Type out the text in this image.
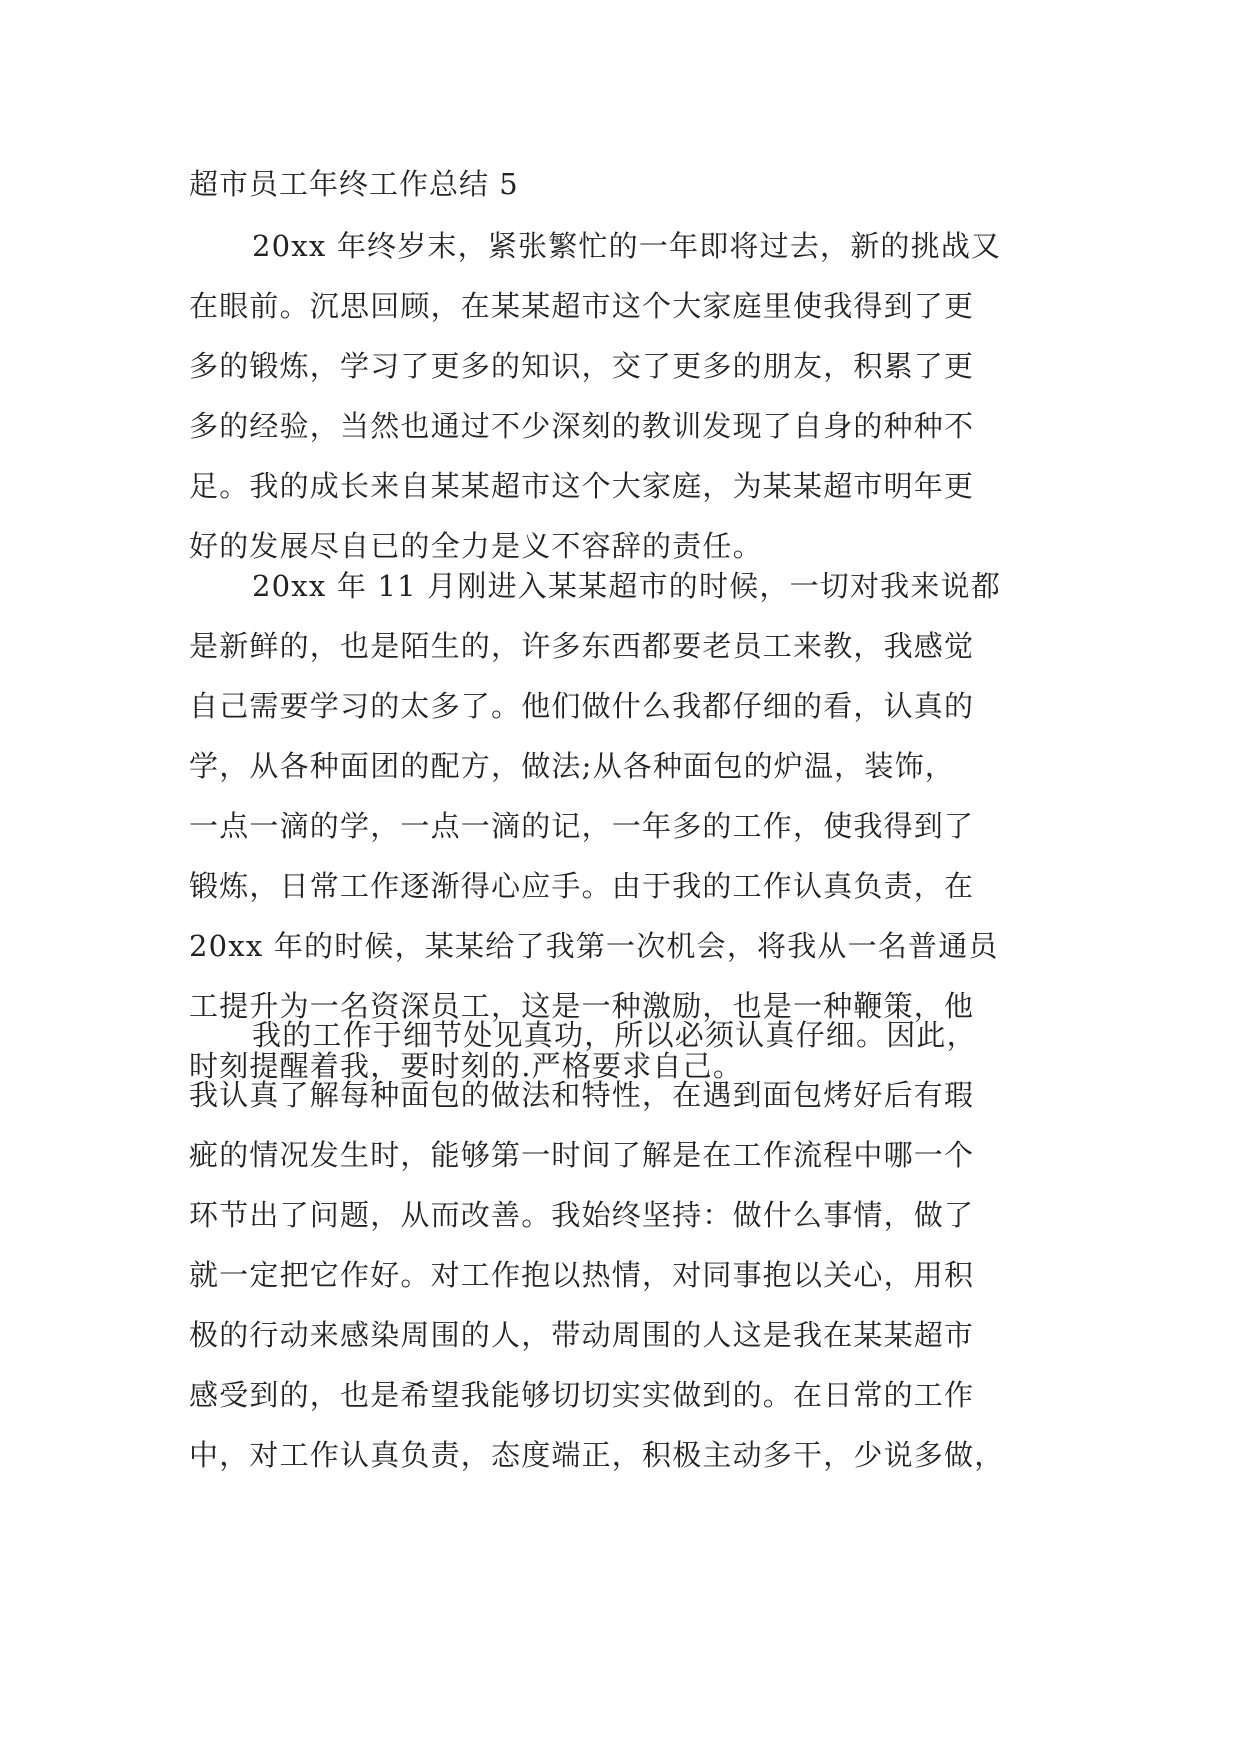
超市员工年终工作总结 5
20xx 年终岁末，紧张繁忙的一年即将过去，新的挑战又
在眼前。沉思回顾，在某某超市这个大家庭里使我得到了更
多的锻炼，学习了更多的知识，交了更多的朋友，积累了更
多的经验，当然也通过不少深刻的教训发现了自身的种种不
足。我的成长来自某某超市这个大家庭，为某某超市明年更
好的发展尽自已的全力是义不容辞的责任。
20xx 年 11 月刚进入某某超市的时候，一切对我来说都
是新鲜的，也是陌生的，许多东西都要老员工来教，我感觉
自己需要学习的太多了。他们做什么我都仔细的看，认真的
学，从各种面团的配方，做法;从各种面包的炉温，装饰，
一点一滴的学，一点一滴的记，一年多的工作，使我得到了
锻炼，日常工作逐渐得心应手。由于我的工作认真负责，在
20xx 年的时候，某某给了我第一次机会，将我从一名普通员
工提升为一名资深员工，这是一种激励，也是一种鞭策，他
时刻提醒着我，要时刻的.严格要求自己。
我的工作于细节处见真功，所以必须认真仔细。因此，
我认真了解每种面包的做法和特性，在遇到面包烤好后有瑕
疵的情况发生时，能够第一时间了解是在工作流程中哪一个
环节出了问题，从而改善。我始终坚持：做什么事情，做了
就一定把它作好。对工作抱以热情，对同事抱以关心，用积
极的行动来感染周围的人，带动周围的人这是我在某某超市
感受到的，也是希望我能够切切实实做到的。在日常的工作
中，对工作认真负责，态度端正，积极主动多干，少说多做，
